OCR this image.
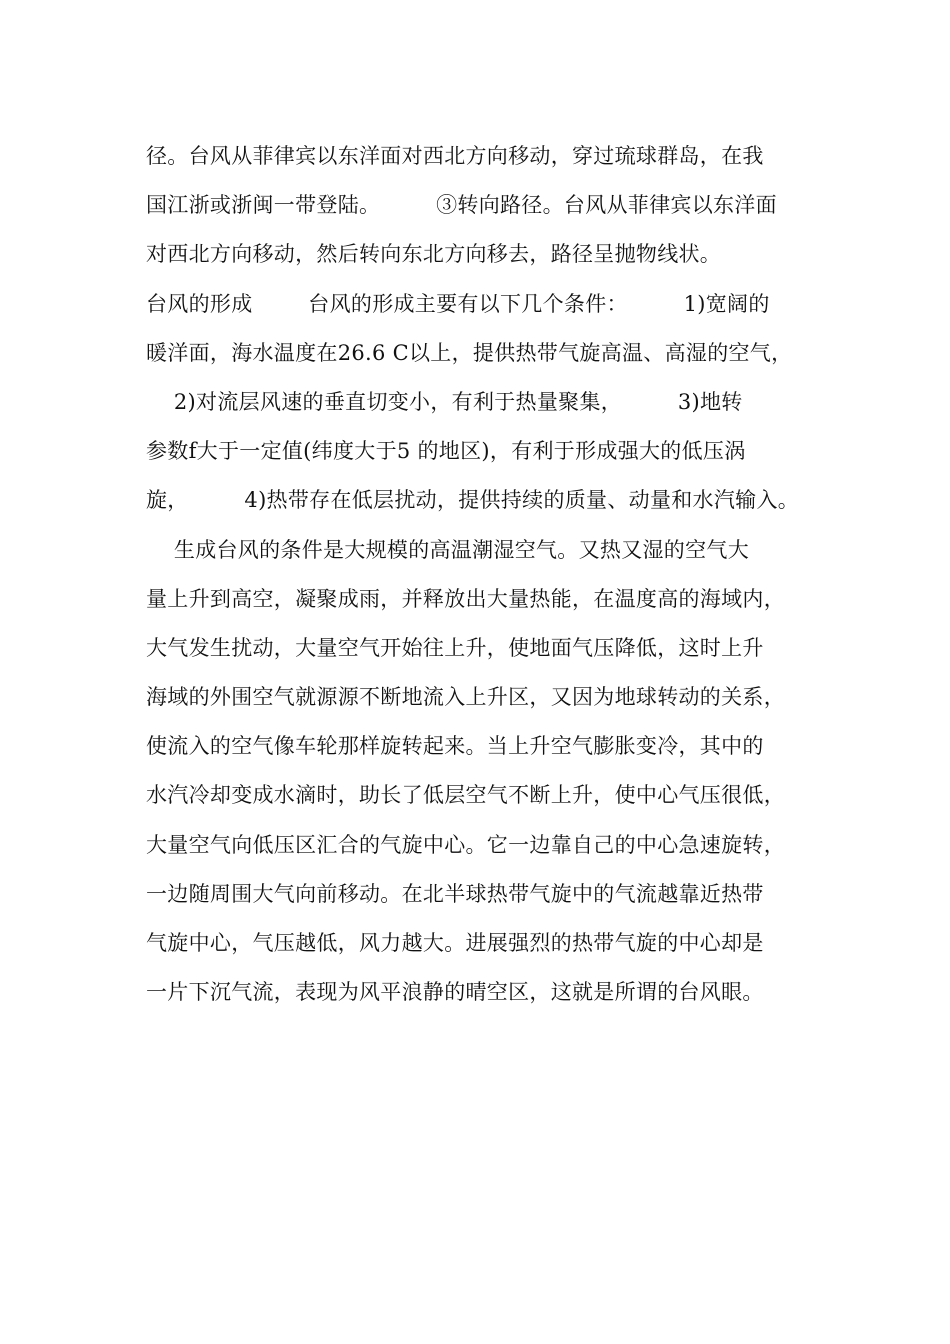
径。台风从菲律宾以东洋面对西北方向移动，穿过琉球群岛，在我
国江浙或浙闽一带登陆。        ③转向路径。台风从菲律宾以东洋面
对西北方向移动，然后转向东北方向移去，路径呈抛物线状。
台风的形成        台风的形成主要有以下几个条件：        1)宽阔的
暖洋面，海水温度在26.6 C以上，提供热带气旋高温、高湿的空气，
2)对流层风速的垂直切变小，有利于热量聚集，        3)地转
参数f大于一定值(纬度大于5 的地区)，有利于形成强大的低压涡
旋，        4)热带存在低层扰动，提供持续的质量、动量和水汽输入。
生成台风的条件是大规模的高温潮湿空气。又热又湿的空气大
量上升到高空，凝聚成雨，并释放出大量热能，在温度高的海域内，
大气发生扰动，大量空气开始往上升，使地面气压降低，这时上升
海域的外围空气就源源不断地流入上升区，又因为地球转动的关系，
使流入的空气像车轮那样旋转起来。当上升空气膨胀变冷，其中的
水汽冷却变成水滴时，助长了低层空气不断上升，使中心气压很低，
大量空气向低压区汇合的气旋中心。它一边靠自己的中心急速旋转，
一边随周围大气向前移动。在北半球热带气旋中的气流越靠近热带
气旋中心，气压越低，风力越大。进展强烈的热带气旋的中心却是
一片下沉气流，表现为风平浪静的晴空区，这就是所谓的台风眼。
